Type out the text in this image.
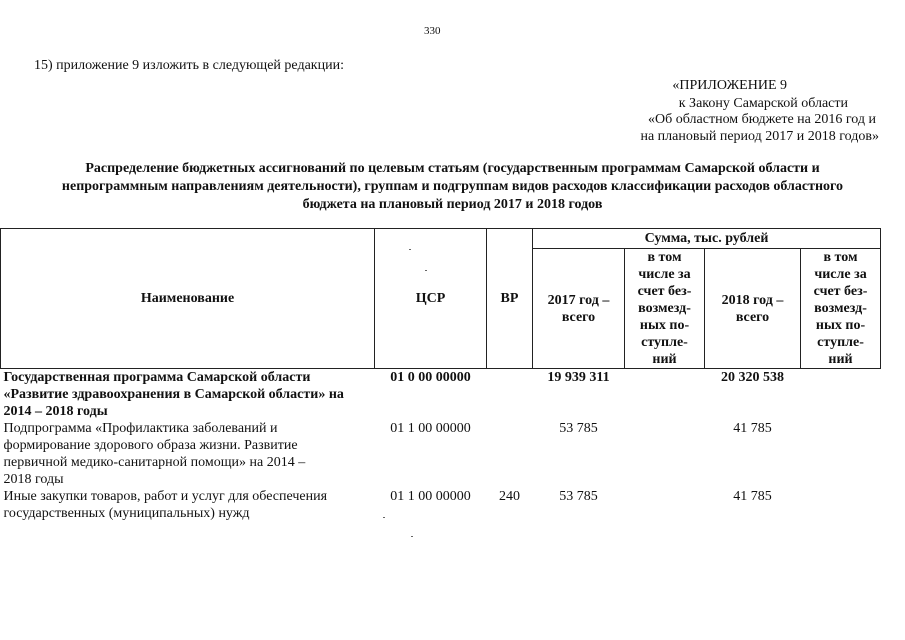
330
15) приложение 9 изложить в следующей редакции:
«ПРИЛОЖЕНИЕ 9
к Закону Самарской области
«Об областном бюджете на 2016 год и
на плановый период 2017 и 2018 годов»
Распределение бюджетных ассигнований по целевым статьям (государственным программам Самарской области и
непрограммным направлениям деятельности), группам и подгруппам видов расходов классификации расходов областного
бюджета на плановый период 2017 и 2018 годов
Наименование	ЦСР	ВР	Сумма, тыс. рублей			
			2017 год – всего	в том числе за счет без-возмезд-ных по-ступле-ний	2018 год – всего	в том числе за счет без-возмезд-ных по-ступле-ний
Государственная программа Самарской области «Развитие здравоохранения в Самарской области» на 2014 – 2018 годы	01 0 00 00000		19 939 311		20 320 538	
Подпрограмма «Профилактика заболеваний и формирование здорового образа жизни. Развитие первичной медико-санитарной помощи» на 2014 – 2018 годы	01 1 00 00000		53 785		41 785	
Иные закупки товаров, работ и услуг для обеспечения государственных (муниципальных) нужд	01 1 00 00000	240	53 785		41 785	
